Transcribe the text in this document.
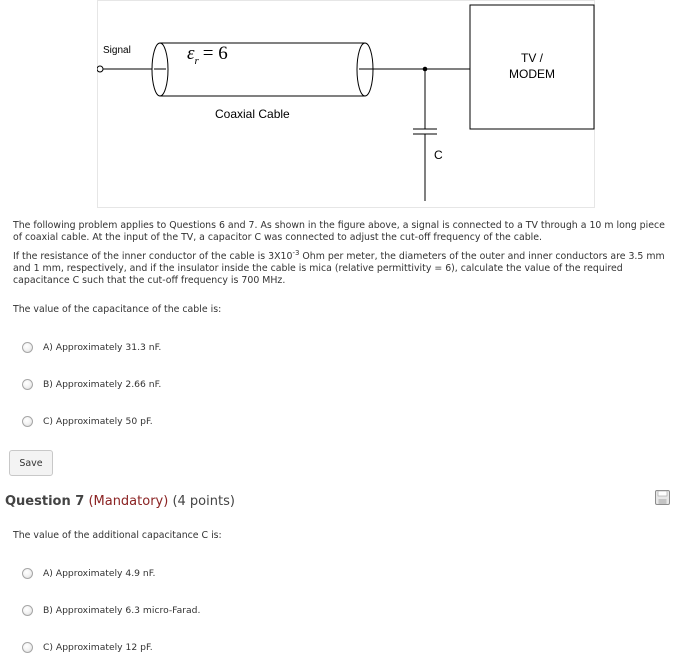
Signal	$\varepsilon_r = 6$
Coaxial Cable
C
TV /
MODEM

The following problem applies to Questions 6 and 7. As shown in the figure above, a signal is connected to a TV through a 10 m long piece of coaxial cable. At the input of the TV, a capacitor C was connected to adjust the cut-off frequency of the cable.

If the resistance of the inner conductor of the cable is $3X10^{-3}$ Ohm per meter, the diameters of the outer and inner conductors are 3.5 mm and 1 mm, respectively, and if the insulator inside the cable is mica (relative permittivity = 6), calculate the value of the required capacitance C such that the cut-off frequency is 700 MHz.

The value of the capacitance of the cable is:
A) Approximately 31.3 nF.
B) Approximately 2.66 nF.
C) Approximately 50 pF.
Save
Question 7 (Mandatory) (4 points)
The value of the additional capacitance C is:
A) Approximately 4.9 nF.
B) Approximately 6.3 micro-Farad.
C) Approximately 12 pF.
